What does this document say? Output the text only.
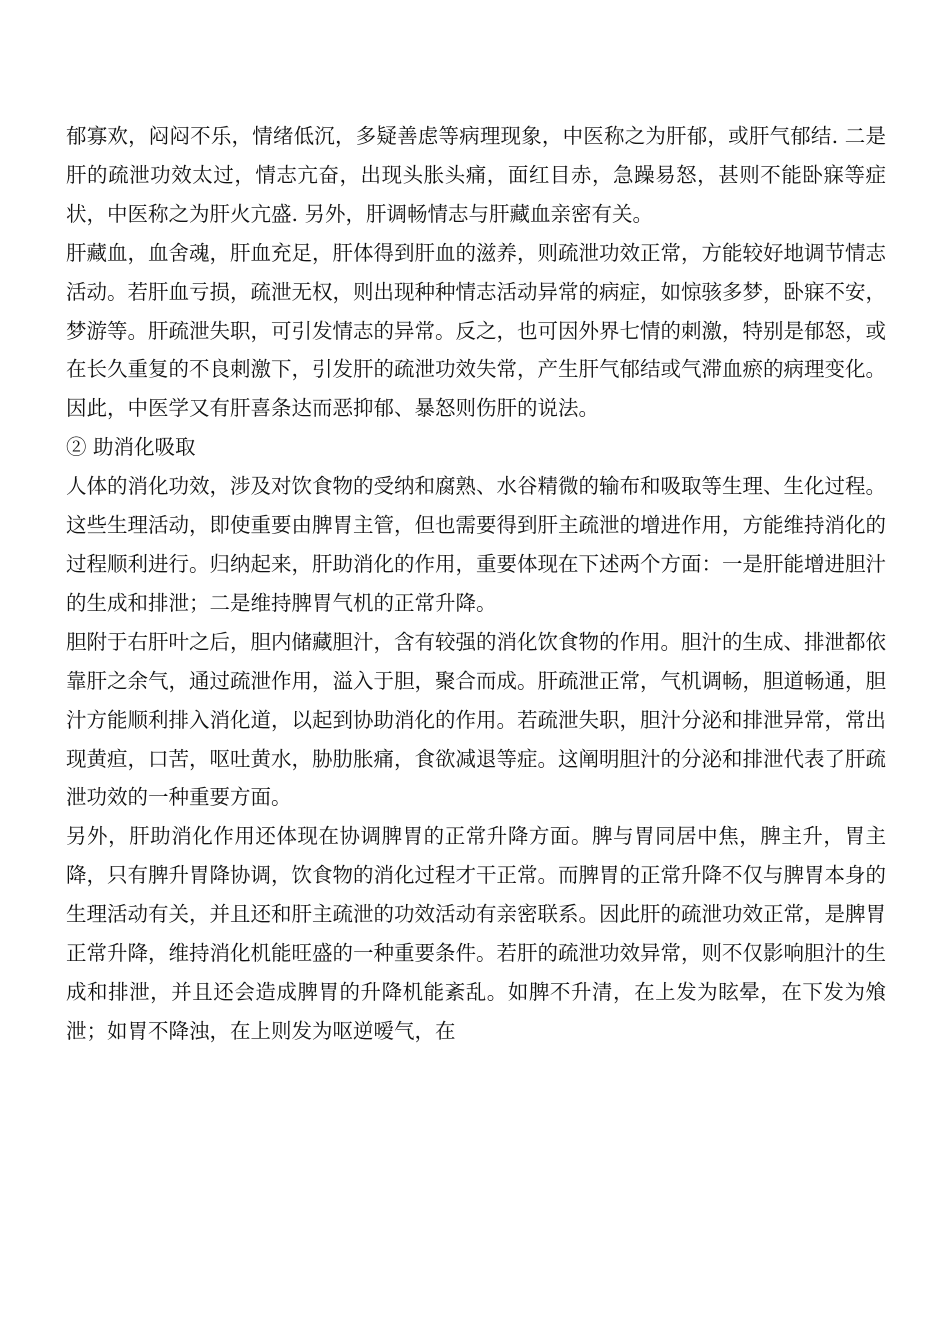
郁寡欢，闷闷不乐，情绪低沉，多疑善虑等病理现象，中医称之为肝郁，或肝气郁结. 二是肝的疏泄功效太过，情志亢奋，出现头胀头痛，面红目赤，急躁易怒，甚则不能卧寐等症状，中医称之为肝火亢盛. 另外，肝调畅情志与肝藏血亲密有关。

肝藏血，血舍魂，肝血充足，肝体得到肝血的滋养，则疏泄功效正常，方能较好地调节情志活动。若肝血亏损，疏泄无权，则出现种种情志活动异常的病症，如惊骇多梦，卧寐不安，梦游等。肝疏泄失职，可引发情志的异常。反之，也可因外界七情的刺激，特别是郁怒，或在长久重复的不良刺激下，引发肝的疏泄功效失常，产生肝气郁结或气滞血瘀的病理变化。因此，中医学又有肝喜条达而恶抑郁、暴怒则伤肝的说法。

② 助消化吸取

人体的消化功效，涉及对饮食物的受纳和腐熟、水谷精微的输布和吸取等生理、生化过程。这些生理活动，即使重要由脾胃主管，但也需要得到肝主疏泄的增进作用，方能维持消化的过程顺利进行。归纳起来，肝助消化的作用，重要体现在下述两个方面：一是肝能增进胆汁的生成和排泄；二是维持脾胃气机的正常升降。

胆附于右肝叶之后，胆内储藏胆汁，含有较强的消化饮食物的作用。胆汁的生成、排泄都依靠肝之余气，通过疏泄作用，溢入于胆，聚合而成。肝疏泄正常，气机调畅，胆道畅通，胆汁方能顺利排入消化道，以起到协助消化的作用。若疏泄失职，胆汁分泌和排泄异常，常出现黄疸，口苦，呕吐黄水，胁肋胀痛，食欲减退等症。这阐明胆汁的分泌和排泄代表了肝疏泄功效的一种重要方面。

另外，肝助消化作用还体现在协调脾胃的正常升降方面。脾与胃同居中焦，脾主升，胃主降，只有脾升胃降协调，饮食物的消化过程才干正常。而脾胃的正常升降不仅与脾胃本身的生理活动有关，并且还和肝主疏泄的功效活动有亲密联系。因此肝的疏泄功效正常，是脾胃正常升降，维持消化机能旺盛的一种重要条件。若肝的疏泄功效异常，则不仅影响胆汁的生成和排泄，并且还会造成脾胃的升降机能紊乱。如脾不升清，在上发为眩晕，在下发为飧泄；如胃不降浊，在上则发为呕逆嗳气，在
